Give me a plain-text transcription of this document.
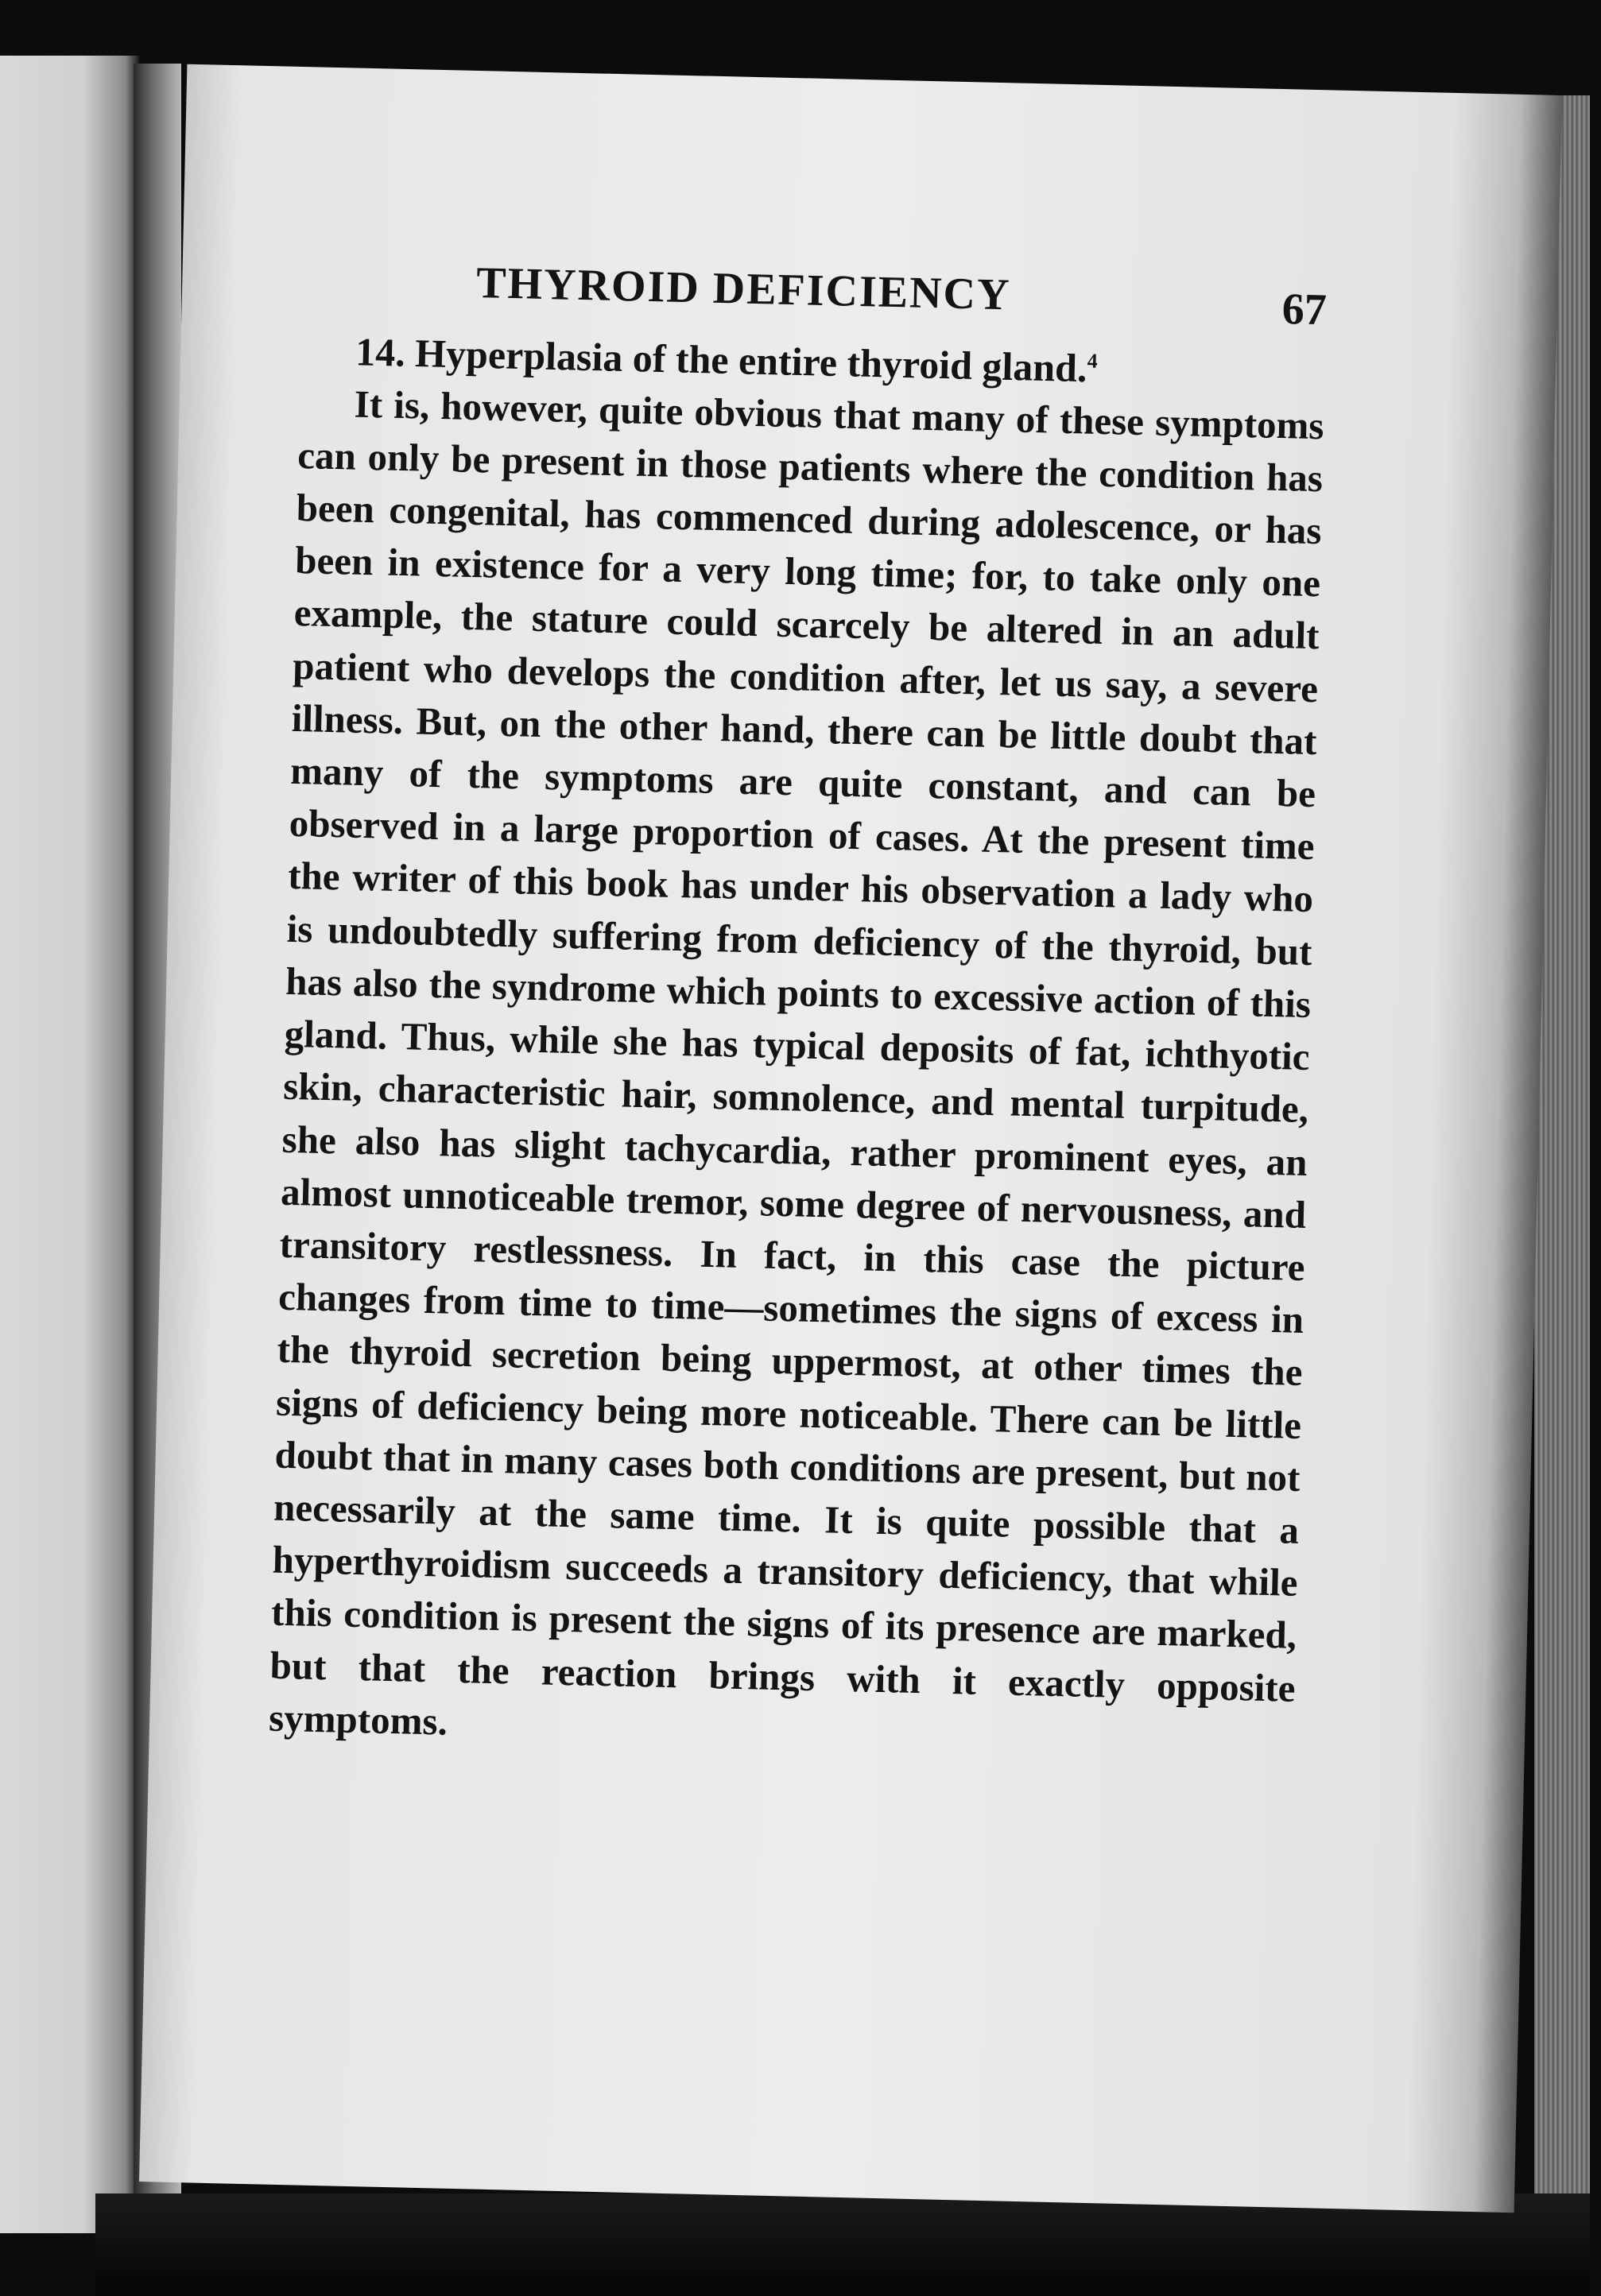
THYROID DEFICIENCY	67

14. Hyperplasia of the entire thyroid gland.$^4$

It is, however, quite obvious that many of these symptoms can only be present in those patients where the condition has been congenital, has commenced during adolescence, or has been in existence for a very long time; for, to take only one example, the stature could scarcely be altered in an adult patient who develops the condition after, let us say, a severe illness. But, on the other hand, there can be little doubt that many of the symptoms are quite constant, and can be observed in a large proportion of cases. At the present time the writer of this book has under his observation a lady who is undoubtedly suffering from deficiency of the thyroid, but has also the syndrome which points to excessive action of this gland. Thus, while she has typical deposits of fat, ichthyotic skin, characteristic hair, somnolence, and mental turpitude, she also has slight tachycardia, rather prominent eyes, an almost unnoticeable tremor, some degree of nervousness, and transitory restlessness. In fact, in this case the picture changes from time to time—sometimes the signs of excess in the thyroid secretion being uppermost, at other times the signs of deficiency being more noticeable. There can be little doubt that in many cases both conditions are present, but not necessarily at the same time. It is quite possible that a hyperthyroidism succeeds a transitory deficiency, that while this condition is present the signs of its presence are marked, but that the reaction brings with it exactly opposite symptoms.
